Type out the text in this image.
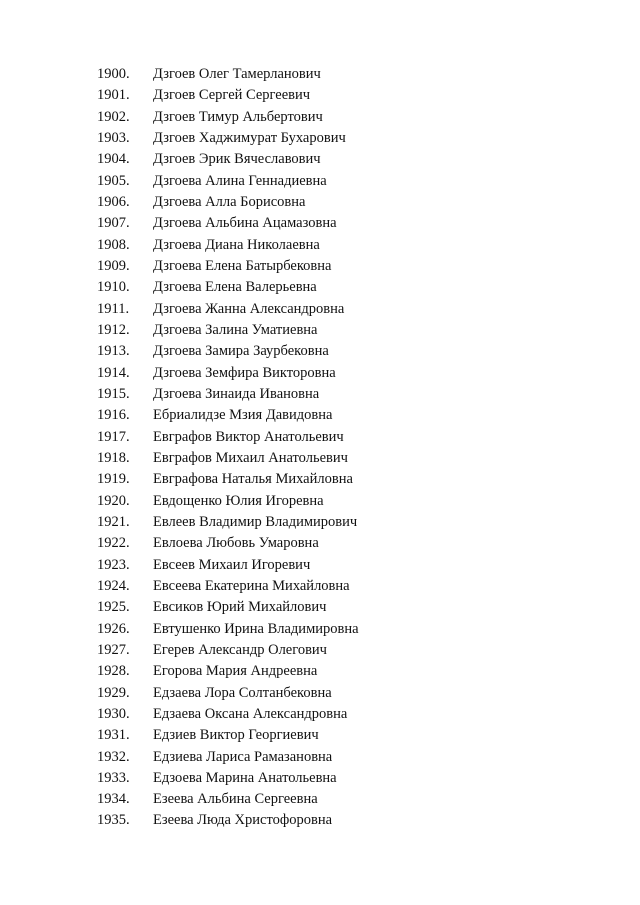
1900. Дзгоев Олег Тамерланович
1901. Дзгоев Сергей Сергеевич
1902. Дзгоев Тимур Альбертович
1903. Дзгоев Хаджимурат Бухарович
1904. Дзгоев Эрик Вячеславович
1905. Дзгоева Алина Геннадиевна
1906. Дзгоева Алла Борисовна
1907. Дзгоева Альбина Ацамазовна
1908. Дзгоева Диана Николаевна
1909. Дзгоева Елена Батырбековна
1910. Дзгоева Елена Валерьевна
1911. Дзгоева Жанна Александровна
1912. Дзгоева Залина Уматиевна
1913. Дзгоева Замира Заурбековна
1914. Дзгоева Земфира Викторовна
1915. Дзгоева Зинаида Ивановна
1916. Ебриалидзе Мзия Давидовна
1917. Евграфов Виктор Анатольевич
1918. Евграфов Михаил Анатольевич
1919. Евграфова Наталья Михайловна
1920. Евдощенко Юлия Игоревна
1921. Евлеев Владимир Владимирович
1922. Евлоева Любовь Умаровна
1923. Евсеев Михаил Игоревич
1924. Евсеева Екатерина Михайловна
1925. Евсиков Юрий Михайлович
1926. Евтушенко Ирина Владимировна
1927. Егерев Александр Олегович
1928. Егорова Мария Андреевна
1929. Едзаева Лора Солтанбековна
1930. Едзаева Оксана Александровна
1931. Едзиев Виктор Георгиевич
1932. Едзиева Лариса Рамазановна
1933. Едзоева Марина Анатольевна
1934. Езеева Альбина Сергеевна
1935. Езеева Люда Христофоровна
